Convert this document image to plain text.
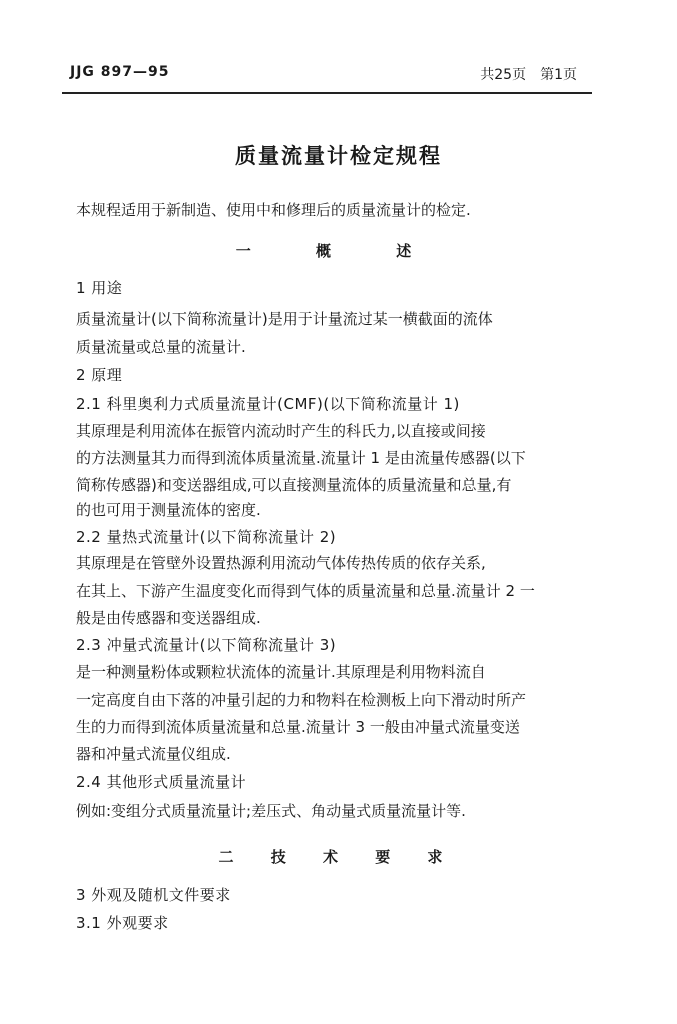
JJG 897—95	共25页 第1页
质量流量计检定规程
本规程适用于新制造、使用中和修理后的质量流量计的检定.
一 概 述
1 用途
质量流量计(以下简称流量计)是用于计量流过某一横截面的流体
质量流量或总量的流量计.
2 原理
2.1 科里奥利力式质量流量计(CMF)(以下简称流量计 1)
其原理是利用流体在振管内流动时产生的科氏力,以直接或间接
的方法测量其力而得到流体质量流量.流量计 1 是由流量传感器(以下
简称传感器)和变送器组成,可以直接测量流体的质量流量和总量,有
的也可用于测量流体的密度.
2.2 量热式流量计(以下简称流量计 2)
其原理是在管壁外设置热源利用流动气体传热传质的依存关系,
在其上、下游产生温度变化而得到气体的质量流量和总量.流量计 2 一
般是由传感器和变送器组成.
2.3 冲量式流量计(以下简称流量计 3)
是一种测量粉体或颗粒状流体的流量计.其原理是利用物料流自
一定高度自由下落的冲量引起的力和物料在检测板上向下滑动时所产
生的力而得到流体质量流量和总量.流量计 3 一般由冲量式流量变送
器和冲量式流量仪组成.
2.4 其他形式质量流量计
例如:变组分式质量流量计;差压式、角动量式质量流量计等.
二 技 术 要 求
3 外观及随机文件要求
3.1 外观要求
